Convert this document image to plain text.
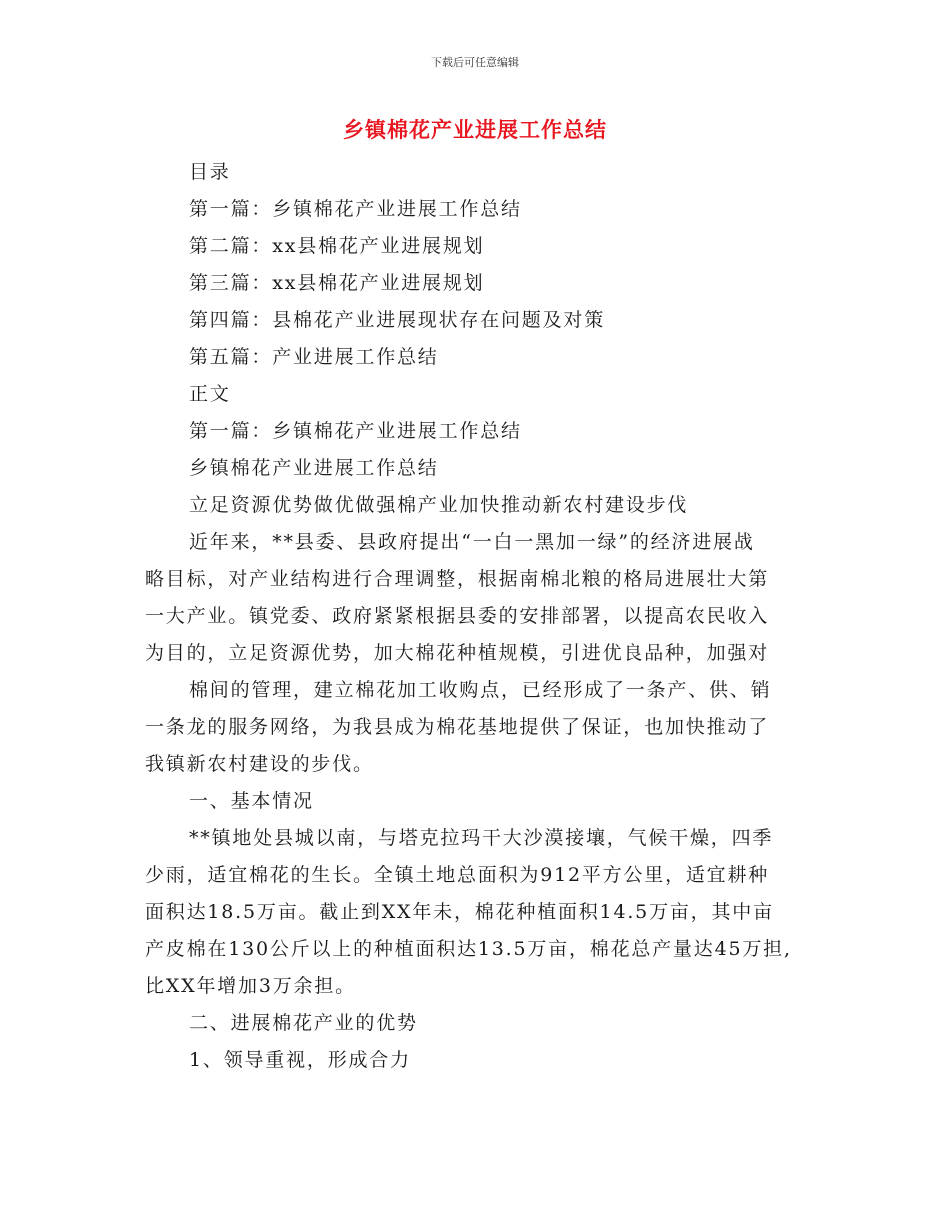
下载后可任意编辑
乡镇棉花产业进展工作总结
目录
第一篇：乡镇棉花产业进展工作总结
第二篇：xx县棉花产业进展规划
第三篇：xx县棉花产业进展规划
第四篇：县棉花产业进展现状存在问题及对策
第五篇：产业进展工作总结
正文
第一篇：乡镇棉花产业进展工作总结
乡镇棉花产业进展工作总结
立足资源优势做优做强棉产业加快推动新农村建设步伐
近年来，**县委、县政府提出“一白一黑加一绿”的经济进展战
略目标，对产业结构进行合理调整，根据南棉北粮的格局进展壮大第
一大产业。镇党委、政府紧紧根据县委的安排部署，以提高农民收入
为目的，立足资源优势，加大棉花种植规模，引进优良品种，加强对
棉间的管理，建立棉花加工收购点，已经形成了一条产、供、销
一条龙的服务网络，为我县成为棉花基地提供了保证，也加快推动了
我镇新农村建设的步伐。
一、基本情况
**镇地处县城以南，与塔克拉玛干大沙漠接壤，气候干燥，四季
少雨，适宜棉花的生长。全镇土地总面积为912平方公里，适宜耕种
面积达18.5万亩。截止到XX年未，棉花种植面积14.5万亩，其中亩
产皮棉在130公斤以上的种植面积达13.5万亩，棉花总产量达45万担,
比XX年增加3万余担。
二、进展棉花产业的优势
1、领导重视，形成合力
